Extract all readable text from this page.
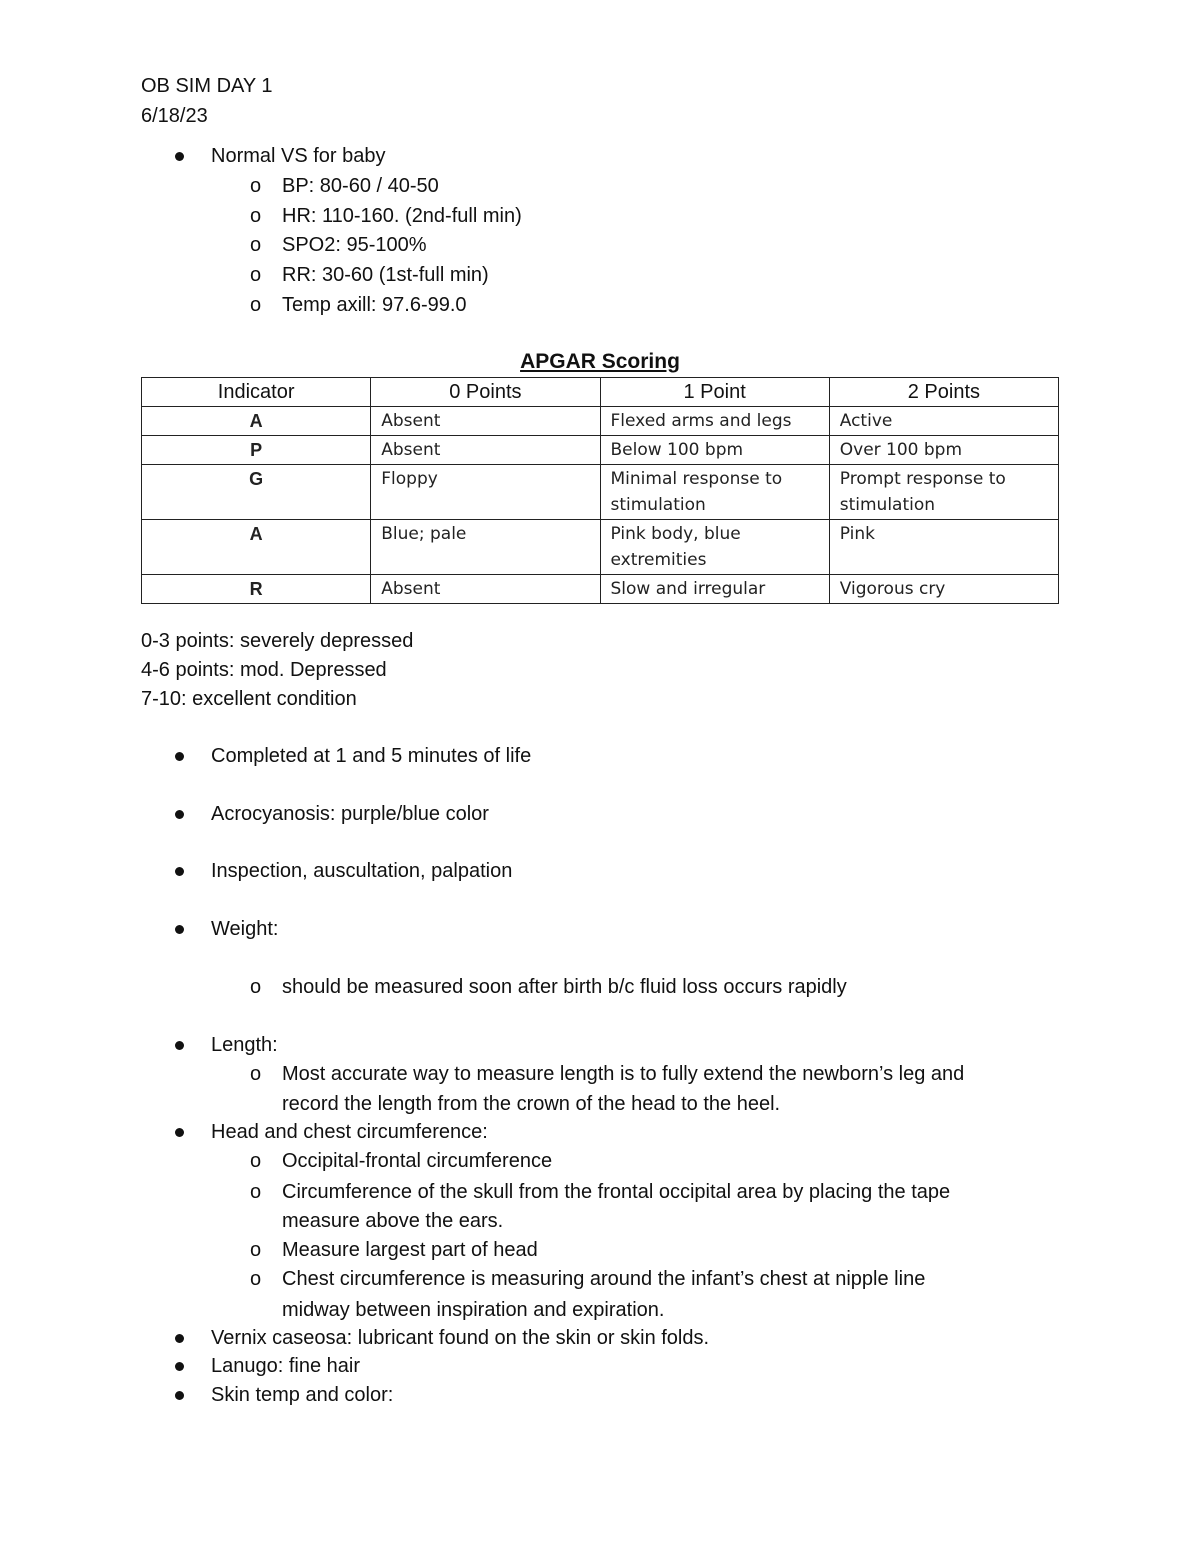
OB SIM DAY 1
6/18/23
Normal VS for baby
o BP: 80-60 / 40-50
o HR: 110-160. (2nd-full min)
o SPO2: 95-100%
o RR: 30-60 (1st-full min)
o Temp axill: 97.6-99.0
APGAR Scoring
Indicator	0 Points	1 Point	2 Points
A	Absent	Flexed arms and legs	Active
P	Absent	Below 100 bpm	Over 100 bpm
G	Floppy	Minimal response to stimulation	Prompt response to stimulation
A	Blue; pale	Pink body, blue extremities	Pink
R	Absent	Slow and irregular	Vigorous cry
0-3 points: severely depressed
4-6 points: mod. Depressed
7-10: excellent condition
Completed at 1 and 5 minutes of life
Acrocyanosis: purple/blue color
Inspection, auscultation, palpation
Weight:
o should be measured soon after birth b/c fluid loss occurs rapidly
Length:
o Most accurate way to measure length is to fully extend the newborn’s leg and
record the length from the crown of the head to the heel.
Head and chest circumference:
o Occipital-frontal circumference
o Circumference of the skull from the frontal occipital area by placing the tape
measure above the ears.
o Measure largest part of head
o Chest circumference is measuring around the infant’s chest at nipple line
midway between inspiration and expiration.
Vernix caseosa: lubricant found on the skin or skin folds.
Lanugo: fine hair
Skin temp and color:
